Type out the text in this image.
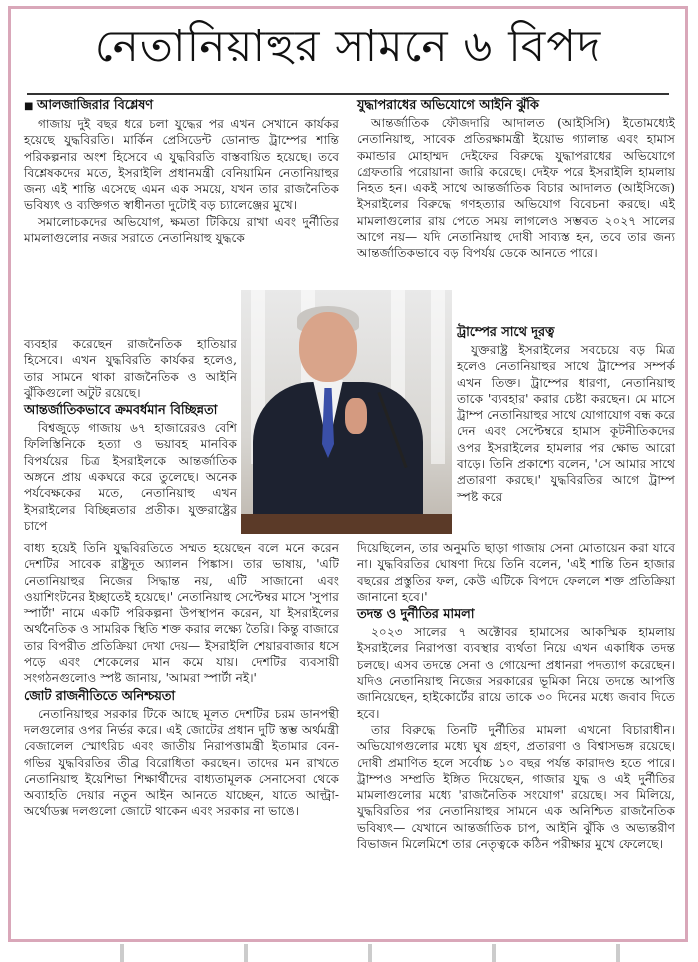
নেতানিয়াহুর সামনে ৬ বিপদ
■ আলজাজিরার বিশ্লেষণ

গাজায় দুই বছর ধরে চলা যুদ্ধের পর এখন সেখানে কার্যকর হয়েছে যুদ্ধবিরতি। মার্কিন প্রেসিডেন্ট ডোনাল্ড ট্রাম্পের শান্তি পরিকল্পনার অংশ হিসেবে এ যুদ্ধবিরতি বাস্তবায়িত হয়েছে। তবে বিশ্লেষকদের মতে, ইসরাইলি প্রধানমন্ত্রী বেনিয়ামিন নেতানিয়াহুর জন্য এই শান্তি এসেছে এমন এক সময়ে, যখন তার রাজনৈতিক ভবিষ্যৎ ও ব্যক্তিগত স্বাধীনতা দুটোই বড় চ্যালেঞ্জের মুখে।

সমালোচকদের অভিযোগ, ক্ষমতা টিকিয়ে রাখা এবং দুর্নীতির মামলাগুলোর নজর সরাতে নেতানিয়াহু যুদ্ধকে

ব্যবহার করেছেন রাজনৈতিক হাতিয়ার হিসেবে। এখন যুদ্ধবিরতি কার্যকর হলেও, তার সামনে থাকা রাজনৈতিক ও আইনি ঝুঁকিগুলো অটুট রয়েছে।

আন্তর্জাতিকভাবে ক্রমবর্ধমান বিচ্ছিন্নতা

বিশ্বজুড়ে গাজায় ৬৭ হাজারেরও বেশি ফিলিস্তিনিকে হত্যা ও ভয়াবহ মানবিক বিপর্যয়ের চিত্র ইসরাইলকে আন্তর্জাতিক অঙ্গনে প্রায় একঘরে করে তুলেছে। অনেক পর্যবেক্ষকের মতে, নেতানিয়াহু এখন ইসরাইলের বিচ্ছিন্নতার প্রতীক। যুক্তরাষ্ট্রের চাপে

বাধ্য হয়েই তিনি যুদ্ধবিরতিতে সম্মত হয়েছেন বলে মনে করেন দেশটির সাবেক রাষ্ট্রদূত অ্যালন পিঙ্কাস। তার ভাষায়, 'এটি নেতানিয়াহুর নিজের সিদ্ধান্ত নয়, এটি সাজানো এবং ওয়াশিংটনের ইচ্ছাতেই হয়েছে।' নেতানিয়াহু সেপ্টেম্বর মাসে 'সুপার স্পার্টা' নামে একটি পরিকল্পনা উপস্থাপন করেন, যা ইসরাইলের অর্থনৈতিক ও সামরিক স্থিতি শক্ত করার লক্ষ্যে তৈরি। কিন্তু বাজারে তার বিপরীত প্রতিক্রিয়া দেখা দেয়— ইসরাইলি শেয়ারবাজার ধসে পড়ে এবং শেকেলের মান কমে যায়। দেশটির ব্যবসায়ী সংগঠনগুলোও স্পষ্ট জানায়, 'আমরা স্পার্টা নই।'

জোট রাজনীতিতে অনিশ্চয়তা

নেতানিয়াহুর সরকার টিকে আছে মূলত দেশটির চরম ডানপন্থী দলগুলোর ওপর নির্ভর করে। এই জোটের প্রধান দুটি স্তম্ভ অর্থমন্ত্রী বেজালেল স্মোৎরিচ এবং জাতীয় নিরাপত্তামন্ত্রী ইতামার বেন-গভির যুদ্ধবিরতির তীব্র বিরোধিতা করছেন। তাদের মন রাখতে নেতানিয়াহু ইয়েশিভা শিক্ষার্থীদের বাধ্যতামূলক সেনাসেবা থেকে অব্যাহতি দেয়ার নতুন আইন আনতে যাচ্ছেন, যাতে আল্ট্রা-অর্থোডক্স দলগুলো জোটে থাকেন এবং সরকার না ভাঙে।

যুদ্ধাপরাধের অভিযোগে আইনি ঝুঁকি

আন্তর্জাতিক ফৌজদারি আদালত (আইসিসি) ইতোমধ্যেই নেতানিয়াহু, সাবেক প্রতিরক্ষামন্ত্রী ইয়োভ গ্যালান্ত এবং হামাস কমান্ডার মোহাম্মদ দেইফের বিরুদ্ধে যুদ্ধাপরাধের অভিযোগে গ্রেফতারি পরোয়ানা জারি করেছে। দেইফ পরে ইসরাইলি হামলায় নিহত হন। একই সাথে আন্তর্জাতিক বিচার আদালত (আইসিজে) ইসরাইলের বিরুদ্ধে গণহত্যার অভিযোগ বিবেচনা করছে। এই মামলাগুলোর রায় পেতে সময় লাগলেও সম্ভবত ২০২৭ সালের আগে নয়— যদি নেতানিয়াহু দোষী সাব্যস্ত হন, তবে তার জন্য আন্তর্জাতিকভাবে বড় বিপর্যয় ডেকে আনতে পারে।

ট্রাম্পের সাথে দূরত্ব

যুক্তরাষ্ট্র ইসরাইলের সবচেয়ে বড় মিত্র হলেও নেতানিয়াহুর সাথে ট্রাম্পের সম্পর্ক এখন তিক্ত। ট্রাম্পের ধারণা, নেতানিয়াহু তাকে 'ব্যবহার' করার চেষ্টা করছেন। মে মাসে ট্রাম্প নেতানিয়াহুর সাথে যোগাযোগ বন্ধ করে দেন এবং সেপ্টেম্বরে হামাস কূটনীতিকদের ওপর ইসরাইলের হামলার পর ক্ষোভ আরো বাড়ে। তিনি প্রকাশ্যে বলেন, 'সে আমার সাথে প্রতারণা করছে।' যুদ্ধবিরতির আগে ট্রাম্প স্পষ্ট করে

দিয়েছিলেন, তার অনুমতি ছাড়া গাজায় সেনা মোতায়েন করা যাবে না। যুদ্ধবিরতির ঘোষণা দিয়ে তিনি বলেন, 'এই শান্তি তিন হাজার বছরের প্রস্তুতির ফল, কেউ এটিকে বিপদে ফেললে শক্ত প্রতিক্রিয়া জানানো হবে।'

তদন্ত ও দুর্নীতির মামলা

২০২৩ সালের ৭ অক্টোবর হামাসের আকস্মিক হামলায় ইসরাইলের নিরাপত্তা ব্যবস্থার ব্যর্থতা নিয়ে এখন একাধিক তদন্ত চলছে। এসব তদন্তে সেনা ও গোয়েন্দা প্রধানরা পদত্যাগ করেছেন। যদিও নেতানিয়াহু নিজের সরকারের ভূমিকা নিয়ে তদন্তে আপত্তি জানিয়েছেন, হাইকোর্টের রায়ে তাকে ৩০ দিনের মধ্যে জবাব দিতে হবে।

তার বিরুদ্ধে তিনটি দুর্নীতির মামলা এখনো বিচারাধীন। অভিযোগগুলোর মধ্যে ঘুষ গ্রহণ, প্রতারণা ও বিশ্বাসভঙ্গ রয়েছে। দোষী প্রমাণিত হলে সর্বোচ্চ ১০ বছর পর্যন্ত কারাদণ্ড হতে পারে। ট্রাম্পও সম্প্রতি ইঙ্গিত দিয়েছেন, গাজার যুদ্ধ ও এই দুর্নীতির মামলাগুলোর মধ্যে 'রাজনৈতিক সংযোগ' রয়েছে। সব মিলিয়ে, যুদ্ধবিরতির পর নেতানিয়াহুর সামনে এক অনিশ্চিত রাজনৈতিক ভবিষ্যৎ— যেখানে আন্তর্জাতিক চাপ, আইনি ঝুঁকি ও অভ্যন্তরীণ বিভাজন মিলেমিশে তার নেতৃত্বকে কঠিন পরীক্ষার মুখে ফেলেছে।
